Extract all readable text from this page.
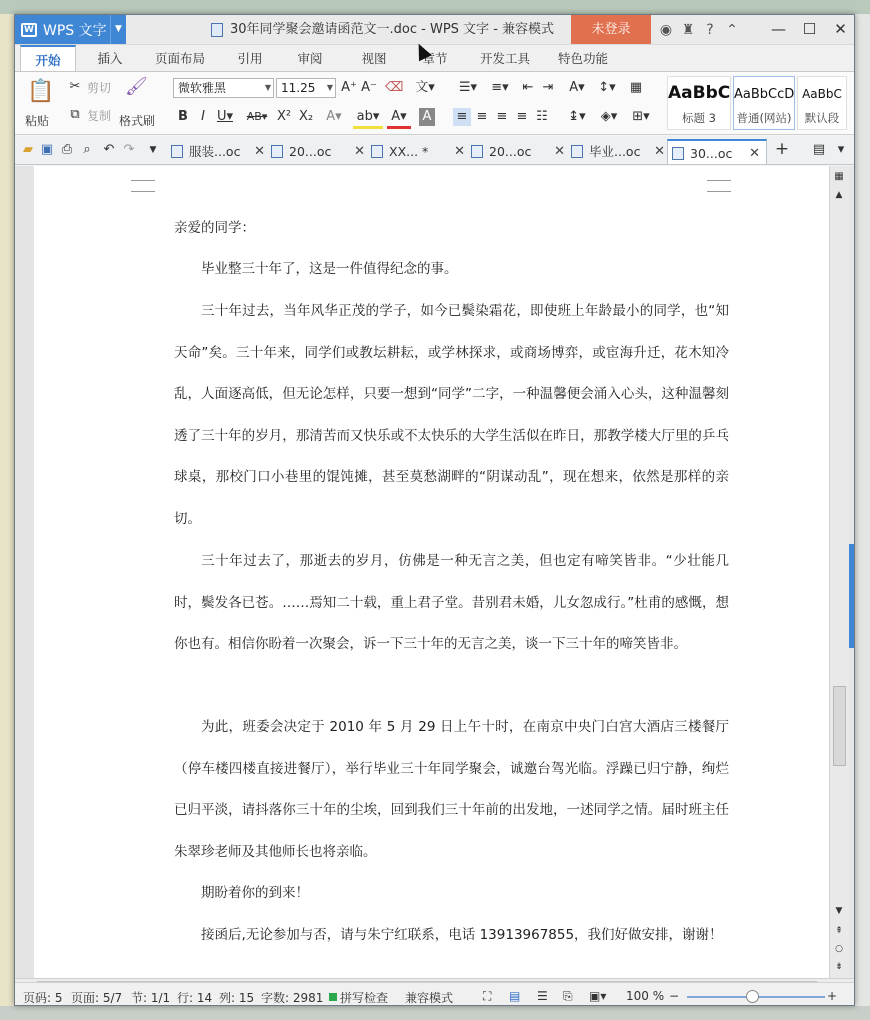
W WPS 文字 ▼	30年同学聚会邀请函范文一.doc - WPS 文字 - 兼容模式	未登录	◉ ♜ ? ⌃	—	☐	✕
开始	插入	页面布局	引用	审阅	视图	章节	开发工具	特色功能
📋
粘贴
✂ 剪切
⧉ 复制
🖌
格式刷
微软雅黑	▼ 11.25 ▼ A⁺ A⁻ ⌫ 文▾
B	I U▾ AB▾ X² X₂ A▾ ab▾ A▾	A
☰▾	≡▾	⇤ ⇥	A▾	↕▾ ▦
≡ ≡ ≡ ≡ ☷	↨▾	◈▾	⊞▾
AaBbC
标题 3
AaBbCcD
普通(网站)
AaBbC
默认段
▰ ▣ ⎙ ⌕ ↶ ↷ ▼	服装...oc ✕	20...oc ✕	XX... * ✕	20...oc ✕	毕业...oc ✕	30...oc ✕ + ▤ ▾

亲爱的同学：

毕业整三十年了，这是一件值得纪念的事。

三十年过去，当年风华正茂的学子，如今已鬓染霜花，即使班上年龄最小的同学，也“知天命”矣。三十年来，同学们或教坛耕耘，或学林探求，或商场博弈，或宦海升迁，花木知冷乱，人面逐高低，但无论怎样，只要一想到“同学”二字，一种温馨便会涌入心头，这种温馨刻透了三十年的岁月，那清苦而又快乐或不太快乐的大学生活似在昨日，那教学楼大厅里的乒乓球桌，那校门口小巷里的馄饨摊，甚至莫愁湖畔的“阴谋动乱”，现在想来，依然是那样的亲切。

三十年过去了，那逝去的岁月，仿佛是一种无言之美，但也定有啼笑皆非。“少壮能几时，鬓发各已苍。……焉知二十载，重上君子堂。昔别君未婚，儿女忽成行。”杜甫的感慨，想你也有。相信你盼着一次聚会，诉一下三十年的无言之美，谈一下三十年的啼笑皆非。

为此，班委会决定于 2010 年 5 月 29 日上午十时，在南京中央门白宫大酒店三楼餐厅（停车楼四楼直接进餐厅），举行毕业三十年同学聚会，诚邀台驾光临。浮躁已归宁静，绚烂已归平淡，请抖落你三十年的尘埃，回到我们三十年前的出发地，一述同学之情。届时班主任朱翠珍老师及其他师长也将亲临。

期盼着你的到来！

接函后,无论参加与否，请与朱宁红联系，电话 13913967855，我们好做安排，谢谢！

▦
▲
▼
⇞
○
⇟
页码: 5 页面: 5/7 节: 1/1 行: 14 列: 15 字数: 2981 拼写检查 兼容模式 ⛶ ▤ ☰ ⎘ ▣▾ 100 % −	+
